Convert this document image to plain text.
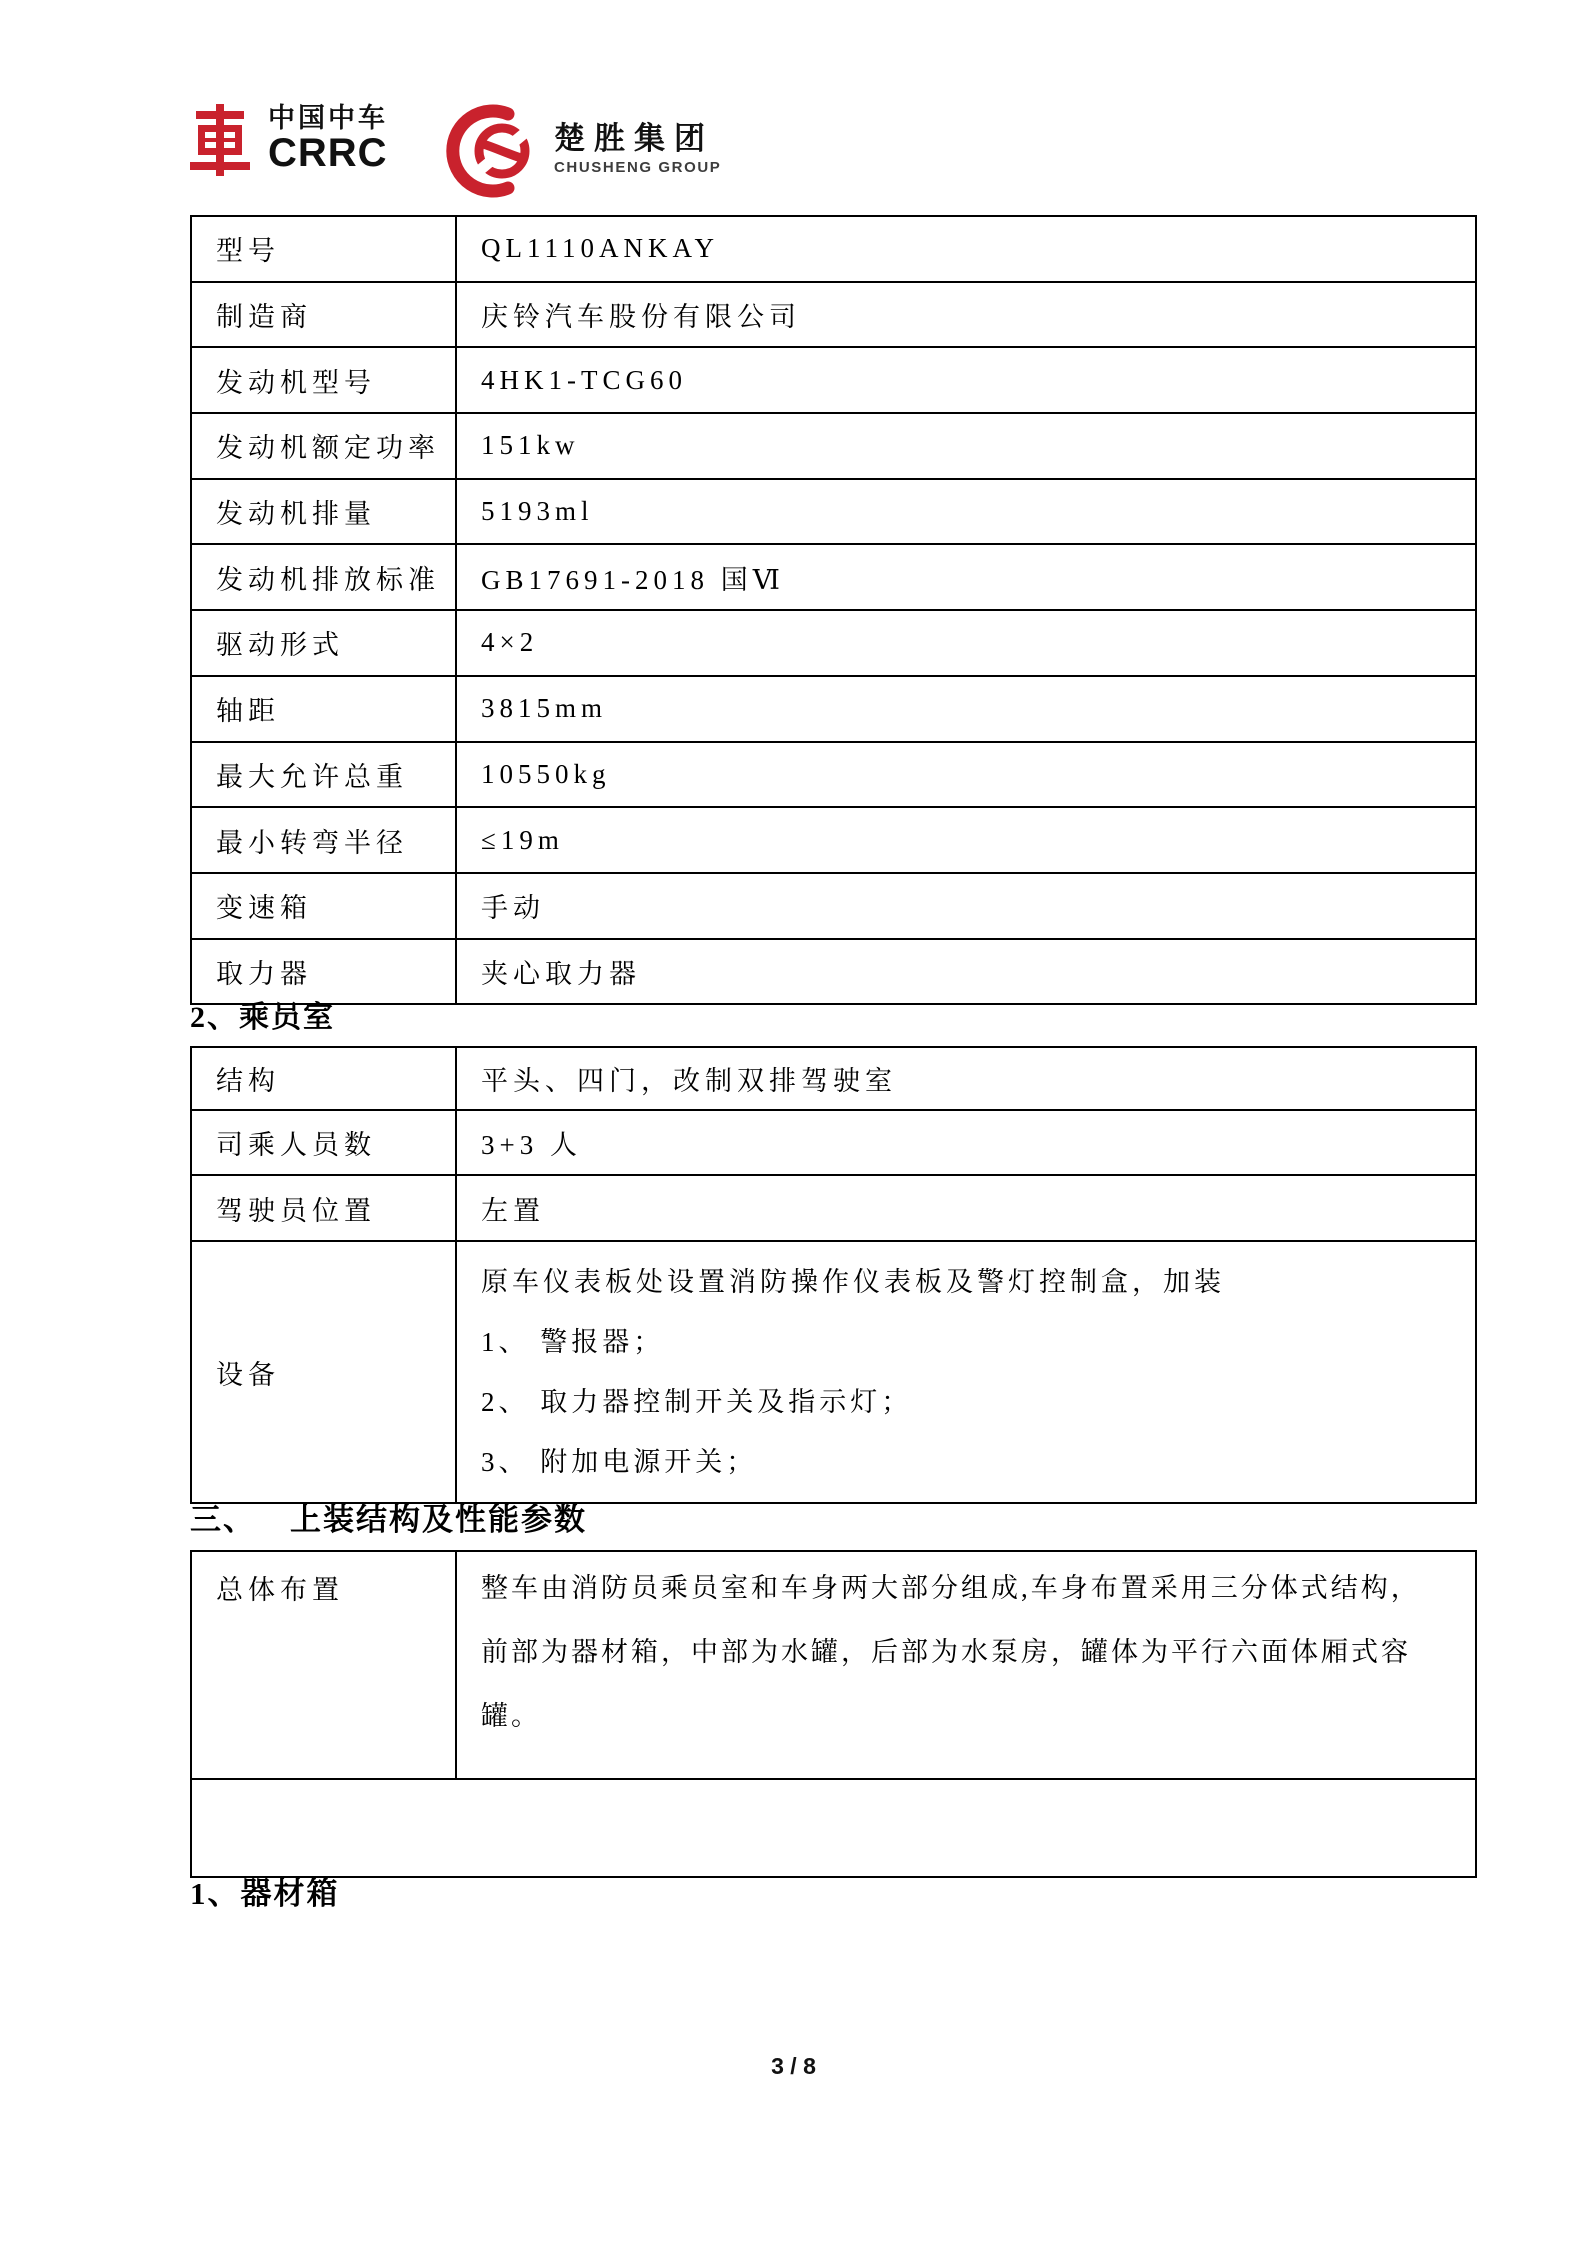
中国中车
CRRC	楚胜集团
CHUSHENG GROUP
型号	QL1110ANKAY
制造商	庆铃汽车股份有限公司
发动机型号	4HK1-TCG60
发动机额定功率	151kw
发动机排量	5193ml
发动机排放标准	GB17691-2018 国Ⅵ
驱动形式	4×2
轴距	3815mm
最大允许总重	10550kg
最小转弯半径	≤19m
变速箱	手动
取力器	夹心取力器
2、乘员室
结构	平头、四门，改制双排驾驶室
司乘人员数	3+3 人
驾驶员位置	左置
设备	原车仪表板处设置消防操作仪表板及警灯控制盒，加装
1、 警报器；
2、 取力器控制开关及指示灯；
3、 附加电源开关；
三、 上装结构及性能参数
总体布置	整车由消防员乘员室和车身两大部分组成,车身布置采用三分体式结构，
前部为器材箱，中部为水罐，后部为水泵房，罐体为平行六面体厢式容
罐。

1、器材箱
3 / 8
